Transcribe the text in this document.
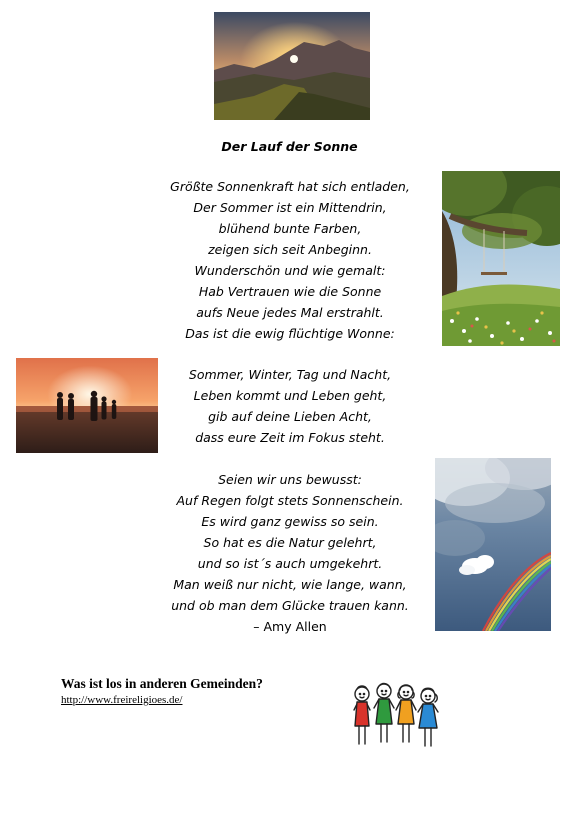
Der Lauf der Sonne
Größte Sonnenkraft hat sich entladen,
Der Sommer ist ein Mittendrin,
blühend bunte Farben,
zeigen sich seit Anbeginn.
Wunderschön und wie gemalt:
Hab Vertrauen wie die Sonne
aufs Neue jedes Mal erstrahlt.
Das ist die ewig flüchtige Wonne:
Sommer, Winter, Tag und Nacht,
Leben kommt und Leben geht,
gib auf deine Lieben Acht,
dass eure Zeit im Fokus steht.
Seien wir uns bewusst:
Auf Regen folgt stets Sonnenschein.
Es wird ganz gewiss so sein.
So hat es die Natur gelehrt,
und so ist´s auch umgekehrt.
Man weiß nur nicht, wie lange, wann,
und ob man dem Glücke trauen kann.
– Amy Allen
Was ist los in anderen Gemeinden?
http://www.freireligioes.de/
